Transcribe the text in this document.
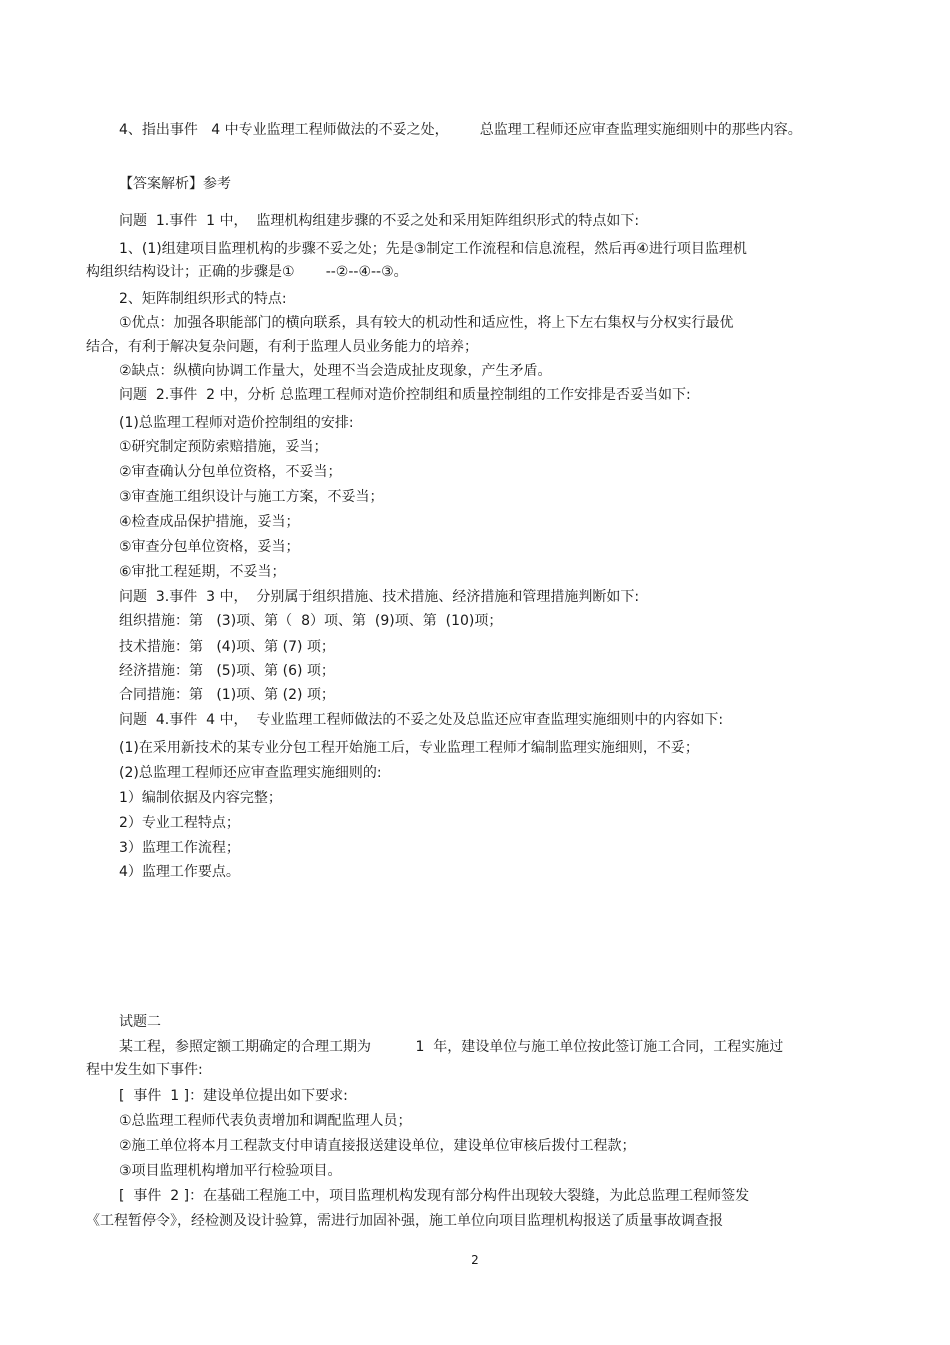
4、指出事件   4 中专业监理工程师做法的不妥之处，       总监理工程师还应审查监理实施细则中的那些内容。
【答案解析】参考
问题  1.事件  1 中，  监理机构组建步骤的不妥之处和采用矩阵组织形式的特点如下:
1、(1)组建项目监理机构的步骤不妥之处；先是③制定工作流程和信息流程，然后再④进行项目监理机
构组织结构设计；正确的步骤是①       --②--④--③。
2、矩阵制组织形式的特点:
①优点：加强各职能部门的横向联系，具有较大的机动性和适应性，将上下左右集权与分权实行最优
结合，有利于解决复杂问题，有利于监理人员业务能力的培养；
②缺点：纵横向协调工作量大，处理不当会造成扯皮现象，产生矛盾。
问题  2.事件  2 中，分析 总监理工程师对造价控制组和质量控制组的工作安排是否妥当如下:
(1)总监理工程师对造价控制组的安排:
①研究制定预防索赔措施，妥当；
②审查确认分包单位资格，不妥当；
③审查施工组织设计与施工方案，不妥当；
④检查成品保护措施，妥当；
⑤审查分包单位资格，妥当；
⑥审批工程延期，不妥当；
问题  3.事件  3 中，  分别属于组织措施、技术措施、经济措施和管理措施判断如下:
组织措施：第   (3)项、第（  8）项、第  (9)项、第  (10)项；
技术措施：第   (4)项、第 (7) 项；
经济措施：第   (5)项、第 (6) 项；
合同措施：第   (1)项、第 (2) 项；
问题  4.事件  4 中，  专业监理工程师做法的不妥之处及总监还应审查监理实施细则中的内容如下:
(1)在采用新技术的某专业分包工程开始施工后，专业监理工程师才编制监理实施细则，不妥；
(2)总监理工程师还应审查监理实施细则的:
1）编制依据及内容完整；
2）专业工程特点；
3）监理工作流程；
4）监理工作要点。
试题二
某工程，参照定额工期确定的合理工期为          1  年，建设单位与施工单位按此签订施工合同，工程实施过
程中发生如下事件:
[  事件  1 ]：建设单位提出如下要求:
①总监理工程师代表负责增加和调配监理人员；
②施工单位将本月工程款支付申请直接报送建设单位，建设单位审核后拨付工程款；
③项目监理机构增加平行检验项目。
[  事件  2 ]：在基础工程施工中，项目监理机构发现有部分构件出现较大裂缝，为此总监理工程师签发
《工程暂停令》，经检测及设计验算，需进行加固补强，施工单位向项目监理机构报送了质量事故调查报
2
